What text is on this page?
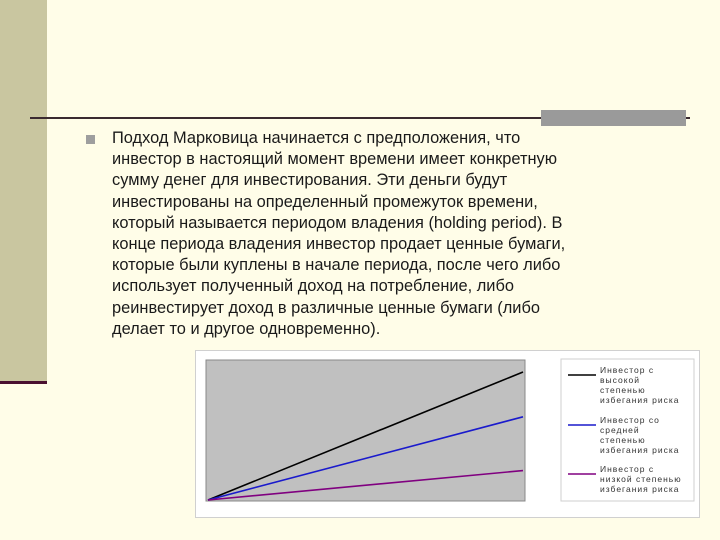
Подход Марковица начинается с предположения, что
инвестор в настоящий момент времени имеет конкретную
сумму денег для инвестирования. Эти деньги будут
инвестированы на определенный промежуток времени,
который называется периодом владения (holding period). В
конце периода владения инвестор продает ценные бумаги,
которые были куплены в начале периода, после чего либо
использует полученный доход на потребление, либо
реинвестирует доход в различные ценные бумаги (либо
делает то и другое одновременно).
Инвестор с
высокой
степенью
избегания риска
Инвестор со
средней
степенью
избегания риска
Инвестор с
низкой степенью
избегания риска
